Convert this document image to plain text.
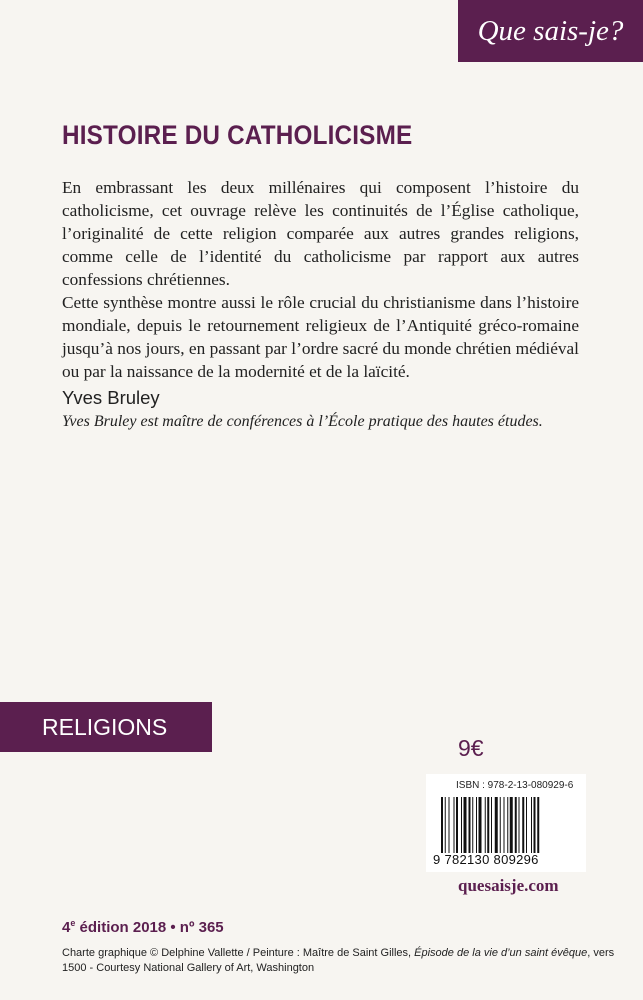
Que sais-je?
HISTOIRE DU CATHOLICISME

En embrassant les deux millénaires qui composent l’histoire du catholicisme, cet ouvrage relève les continuités de l’Église catholique, l’originalité de cette religion comparée aux autres grandes religions, comme celle de l’identité du catholicisme par rapport aux autres confessions chrétiennes.

Cette synthèse montre aussi le rôle crucial du christianisme dans l’histoire mondiale, depuis le retournement religieux de l’Antiquité gréco-romaine jusqu’à nos jours, en passant par l’ordre sacré du monde chrétien médiéval ou par la naissance de la modernité et de la laïcité.

Yves Bruley
Yves Bruley est maître de conférences à l’École pratique des hautes études.
RELIGIONS
9€
ISBN : 978-2-13-080929-6
9 782130 809296
quesaisje.com
4e édition 2018 • nº 365
Charte graphique © Delphine Vallette / Peinture : Maître de Saint Gilles, Épisode de la vie d’un saint évêque, vers 1500 - Courtesy National Gallery of Art, Washington
